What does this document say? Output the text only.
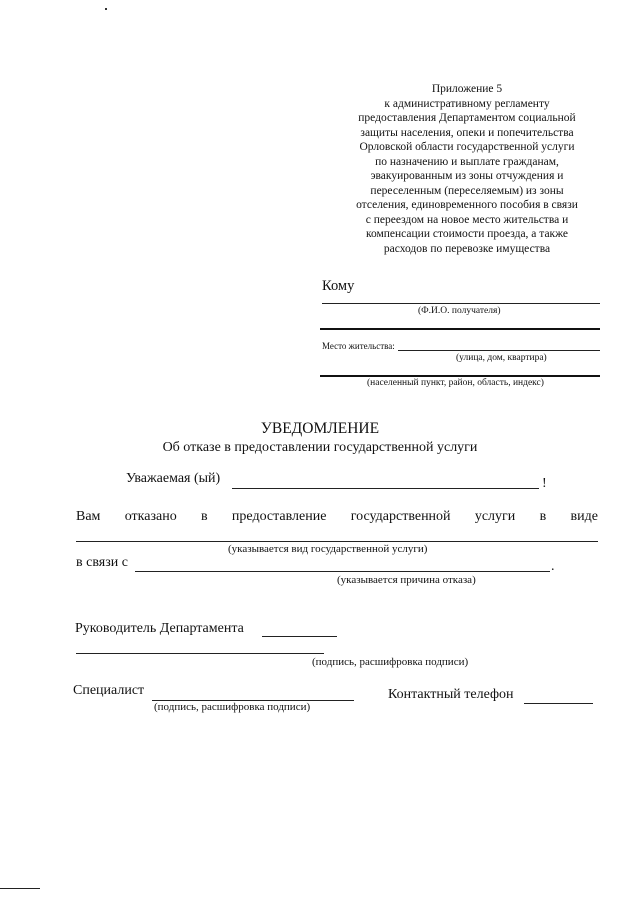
Приложение 5
к административному регламенту
предоставления Департаментом социальной
защиты населения, опеки и попечительства
Орловской области государственной услуги
по назначению и выплате гражданам,
эвакуированным из зоны отчуждения и
переселенным (переселяемым) из зоны
отселения, единовременного пособия в связи
с переездом на новое место жительства и
компенсации стоимости проезда, а также
расходов по перевозке имущества
Кому
(Ф.И.О. получателя)
Место жительства:
(улица, дом, квартира)
(населенный пункт, район, область, индекс)
УВЕДОМЛЕНИЕ
Об отказе в предоставлении государственной услуги
Уважаемая (ый)	!
Вам отказано в предоставление государственной услуги в виде
(указывается вид государственной услуги)
в связи с	.
(указывается причина отказа)
Руководитель Департамента
(подпись, расшифровка подписи)
Специалист
(подпись, расшифровка подписи)
Контактный телефон
